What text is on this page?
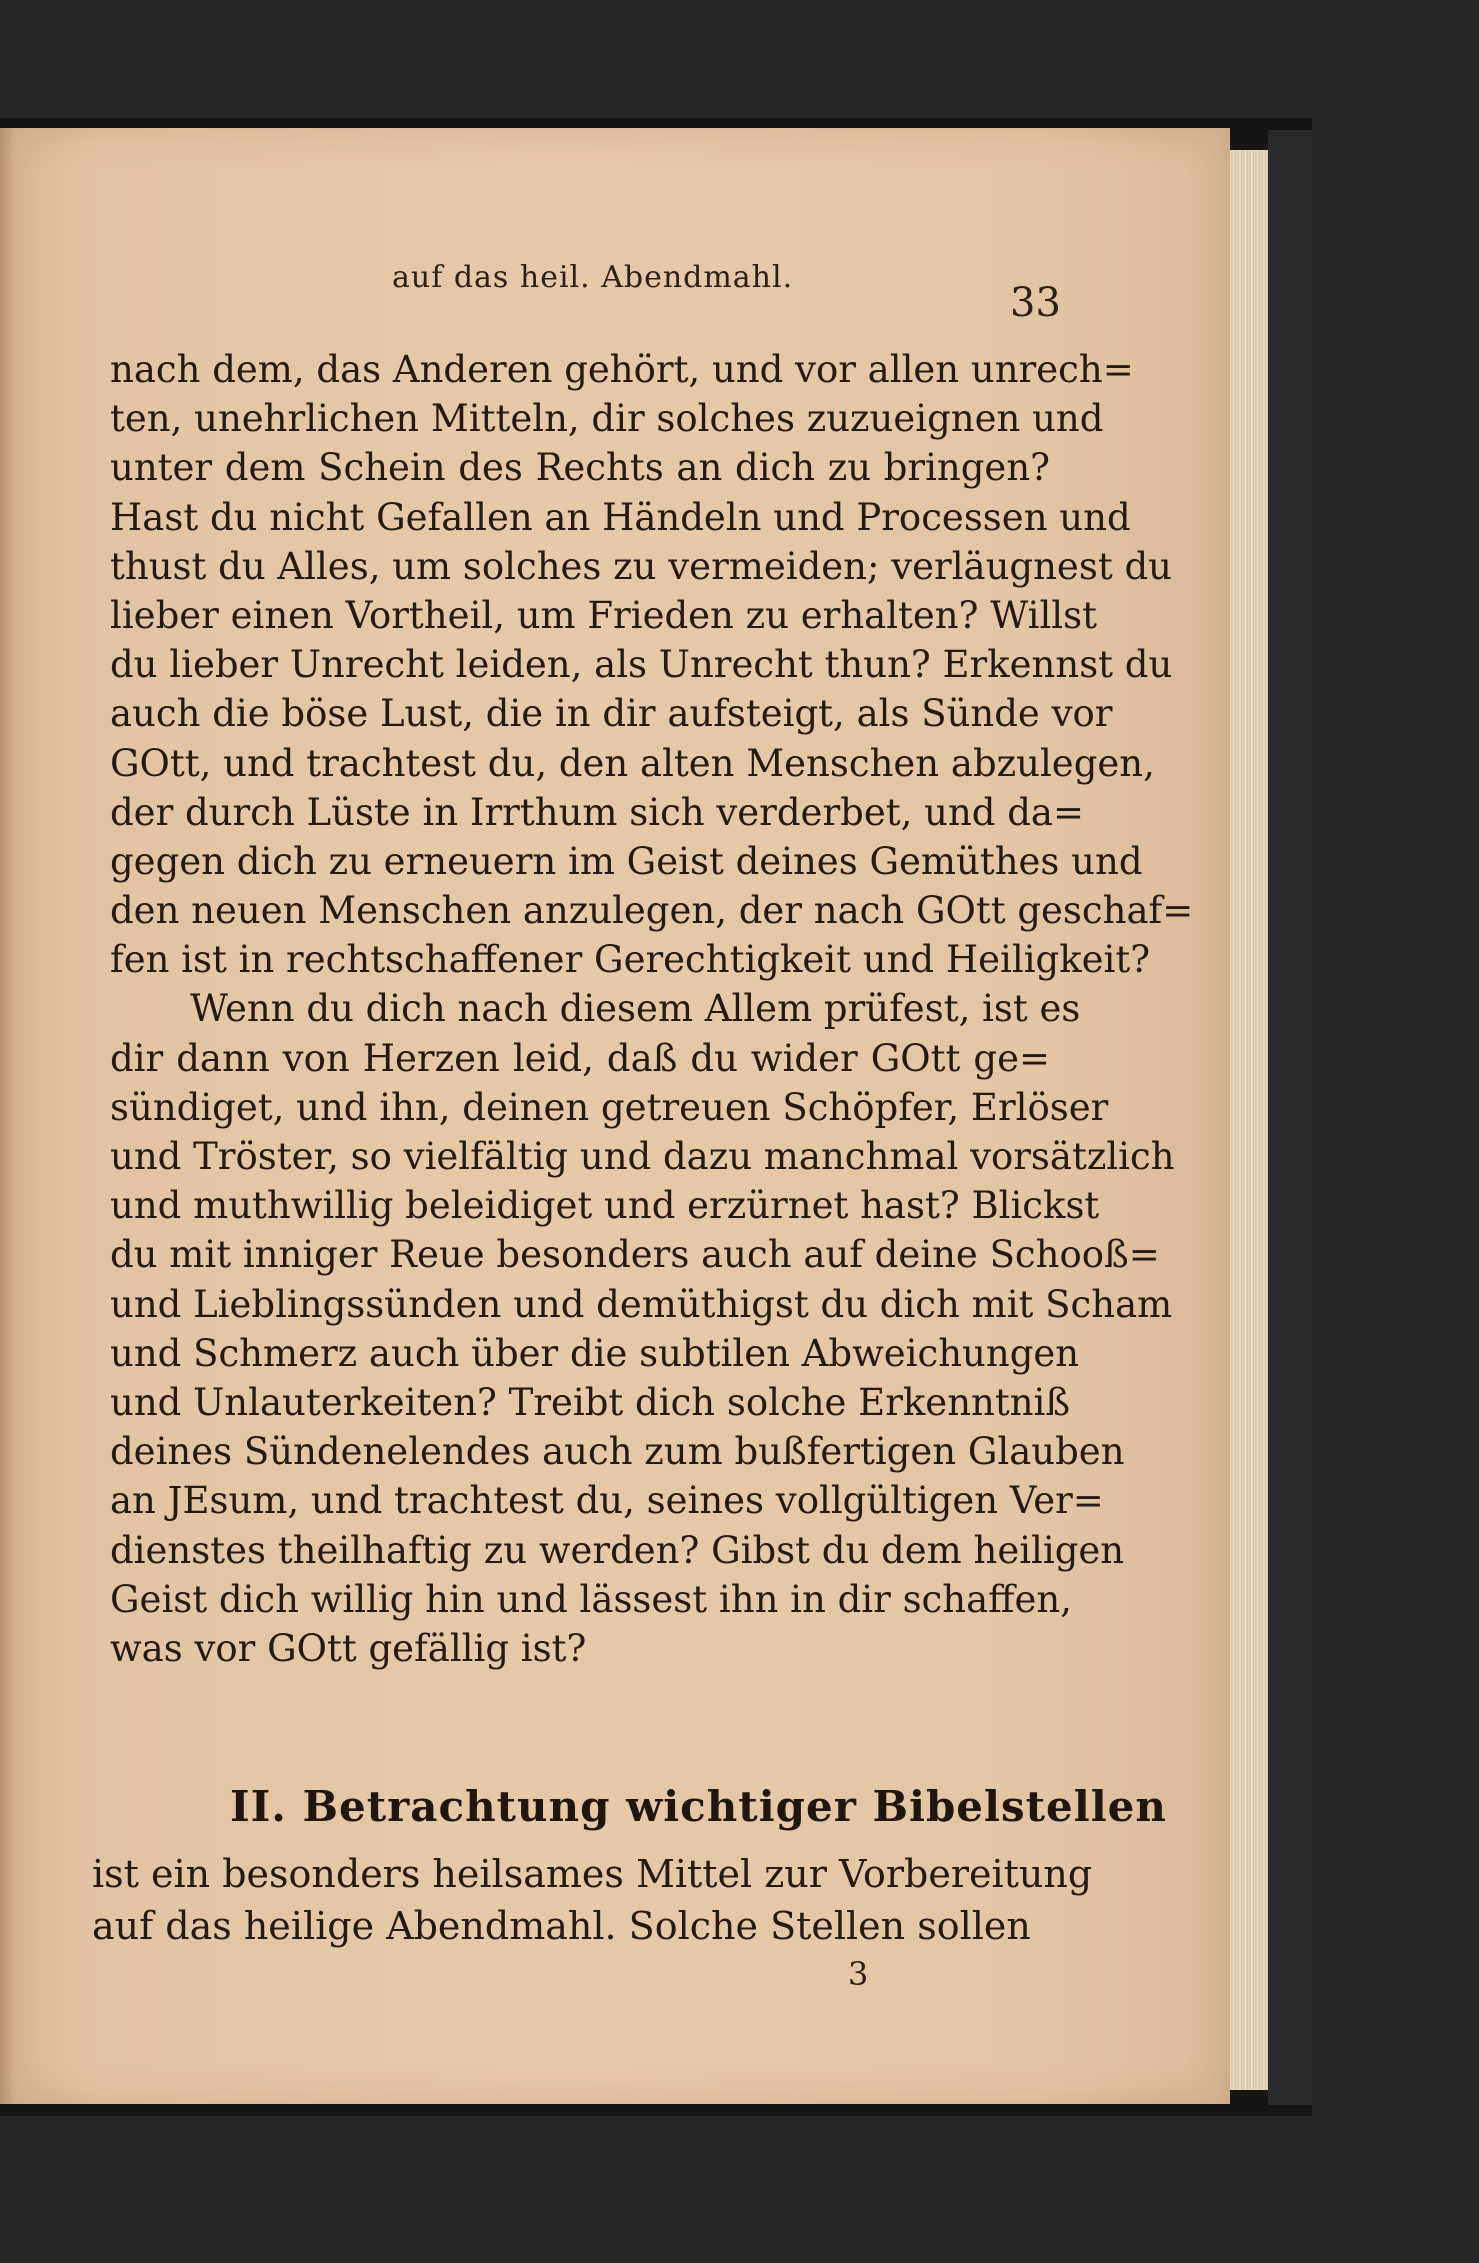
auf das heil. Abendmahl.
33
nach dem, das Anderen gehört, und vor allen unrech=
ten, unehrlichen Mitteln, dir solches zuzueignen und
unter dem Schein des Rechts an dich zu bringen?
Hast du nicht Gefallen an Händeln und Processen und
thust du Alles, um solches zu vermeiden; verläugnest du
lieber einen Vortheil, um Frieden zu erhalten? Willst
du lieber Unrecht leiden, als Unrecht thun? Erkennst du
auch die böse Lust, die in dir aufsteigt, als Sünde vor
GOtt, und trachtest du, den alten Menschen abzulegen,
der durch Lüste in Irrthum sich verderbet, und da=
gegen dich zu erneuern im Geist deines Gemüthes und
den neuen Menschen anzulegen, der nach GOtt geschaf=
fen ist in rechtschaffener Gerechtigkeit und Heiligkeit?
Wenn du dich nach diesem Allem prüfest, ist es
dir dann von Herzen leid, daß du wider GOtt ge=
sündiget, und ihn, deinen getreuen Schöpfer, Erlöser
und Tröster, so vielfältig und dazu manchmal vorsätzlich
und muthwillig beleidiget und erzürnet hast? Blickst
du mit inniger Reue besonders auch auf deine Schooß=
und Lieblingssünden und demüthigst du dich mit Scham
und Schmerz auch über die subtilen Abweichungen
und Unlauterkeiten? Treibt dich solche Erkenntniß
deines Sündenelendes auch zum bußfertigen Glauben
an JEsum, und trachtest du, seines vollgültigen Ver=
dienstes theilhaftig zu werden? Gibst du dem heiligen
Geist dich willig hin und lässest ihn in dir schaffen,
was vor GOtt gefällig ist?
II. Betrachtung wichtiger Bibelstellen
ist ein besonders heilsames Mittel zur Vorbereitung
auf das heilige Abendmahl. Solche Stellen sollen
3
